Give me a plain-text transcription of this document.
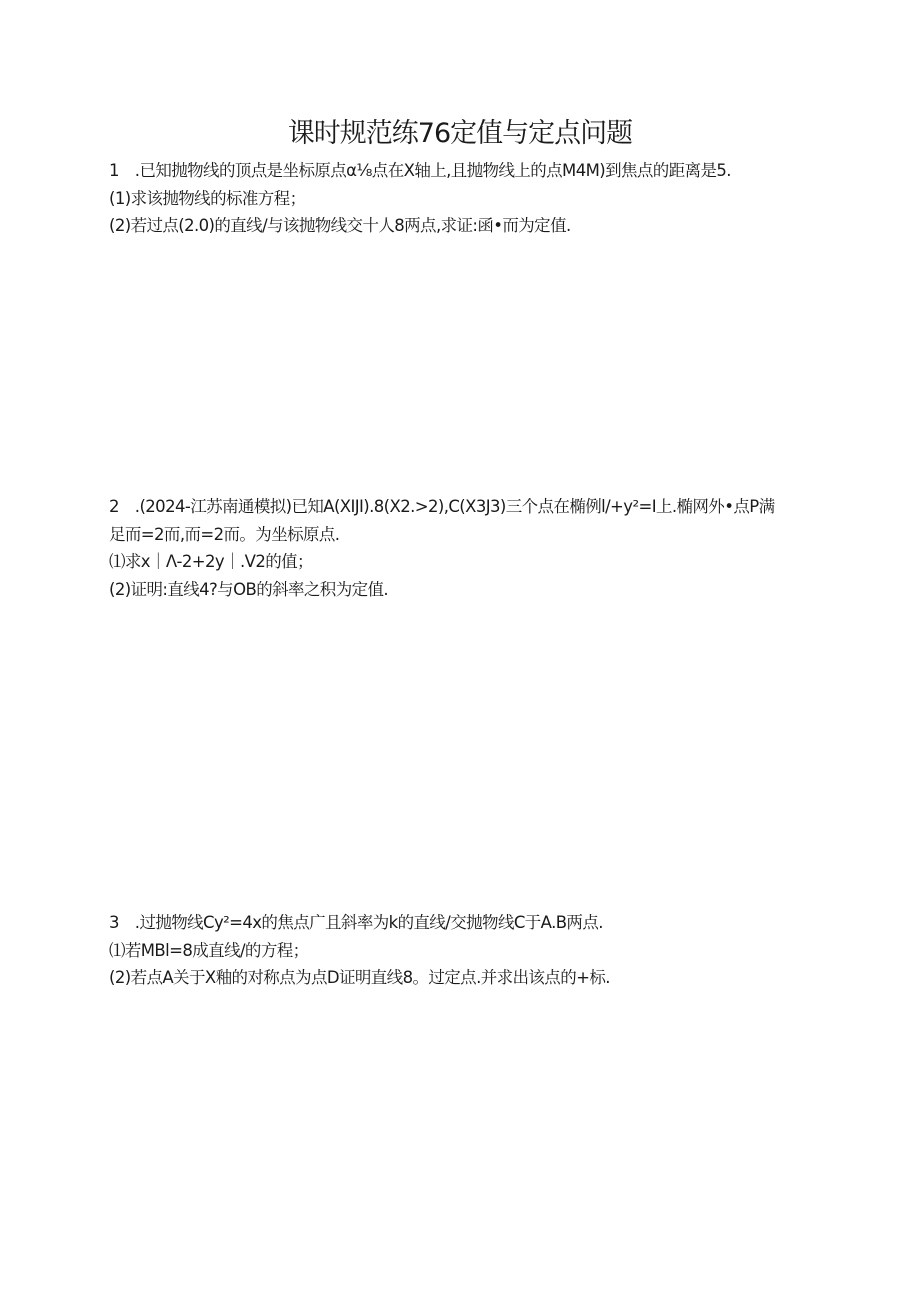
课时规范练76定值与定点问题
1　.已知抛物线的顶点是坐标原点α⅛点在X轴上,且抛物线上的点M4M)到焦点的距离是5.
(1)求该抛物线的标准方程；
(2)若过点(2.0)的直线/与该抛物线交十人8两点,求证:函•而为定值.
2　.(2024-江苏南通模拟)已知A(XIJI).8(X2.>2),C(X3J3)三个点在椭例l/+y²=I上.椭网外•点P满
足而=2而,而=2而。为坐标原点.
⑴求x｜Λ-2+2y｜.V2的值；
(2)证明:直线4?与OB的斜率之积为定值.
3　.过抛物线Cy²=4x的焦点广且斜率为k的直线/交抛物线C于A.B两点.
⑴若MBl=8成直线/的方程；
(2)若点A关于X釉的对称点为点D证明直线8。过定点.并求出该点的+标.
